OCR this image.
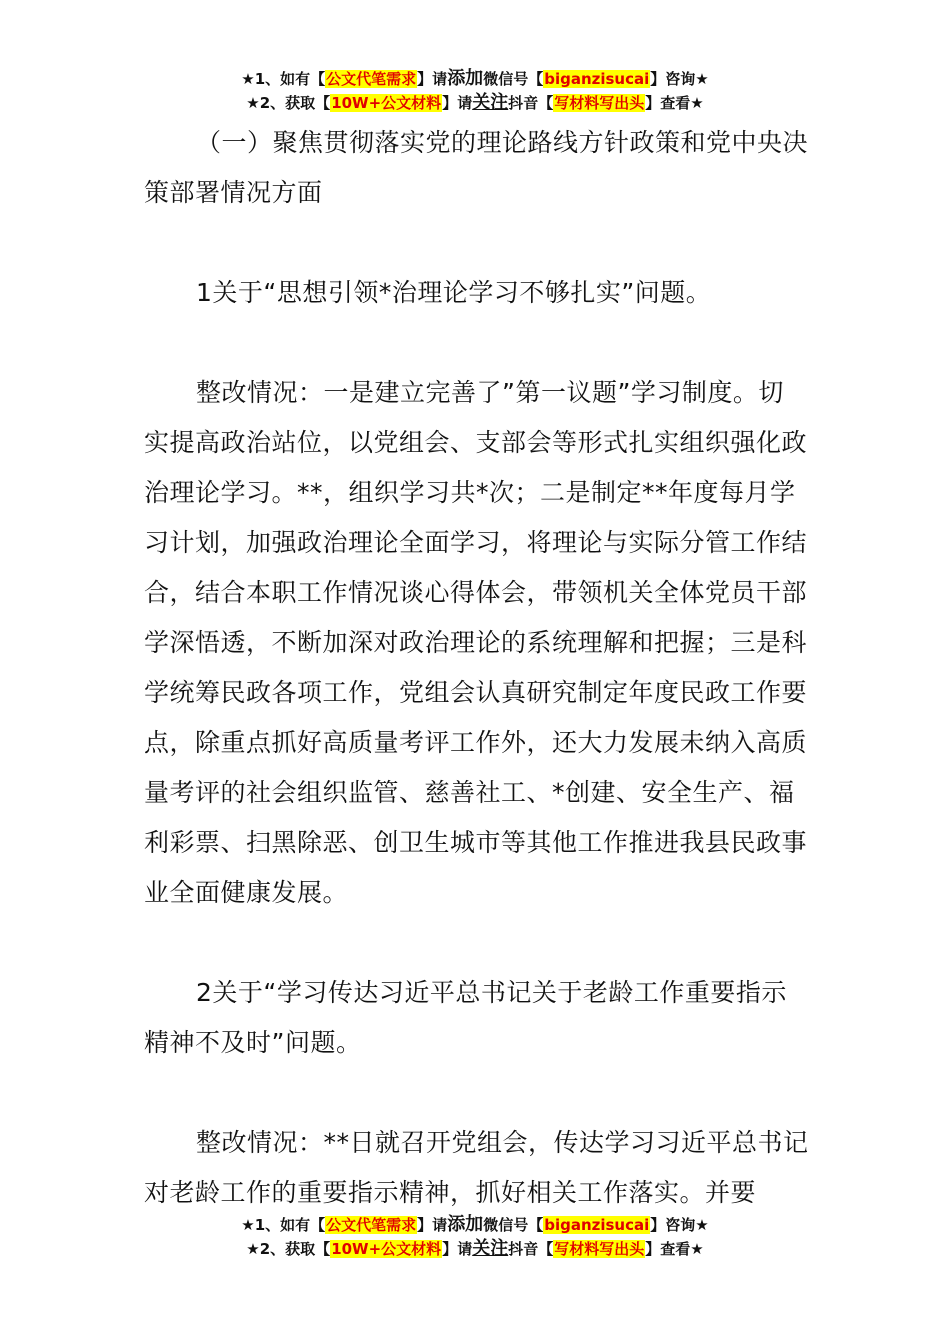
★1、如有【公文代笔需求】请添加微信号【biganzisucai】咨询★
★2、获取【10W+公文材料】请关注抖音【写材料写出头】查看★

（一）聚焦贯彻落实党的理论路线方针政策和党中央决策部署情况方面

1关于“思想引领*治理论学习不够扎实”问题。

整改情况：一是建立完善了”第一议题”学习制度。切实提高政治站位，以党组会、支部会等形式扎实组织强化政治理论学习。**，组织学习共*次；二是制定**年度每月学习计划，加强政治理论全面学习，将理论与实际分管工作结合，结合本职工作情况谈心得体会，带领机关全体党员干部学深悟透，不断加深对政治理论的系统理解和把握；三是科学统筹民政各项工作，党组会认真研究制定年度民政工作要点，除重点抓好高质量考评工作外，还大力发展未纳入高质量考评的社会组织监管、慈善社工、*创建、安全生产、福利彩票、扫黑除恶、创卫生城市等其他工作推进我县民政事业全面健康发展。

2关于“学习传达习近平总书记关于老龄工作重要指示精神不及时”问题。

整改情况：**日就召开党组会，传达学习习近平总书记对老龄工作的重要指示精神，抓好相关工作落实。并要

★1、如有【公文代笔需求】请添加微信号【biganzisucai】咨询★
★2、获取【10W+公文材料】请关注抖音【写材料写出头】查看★
